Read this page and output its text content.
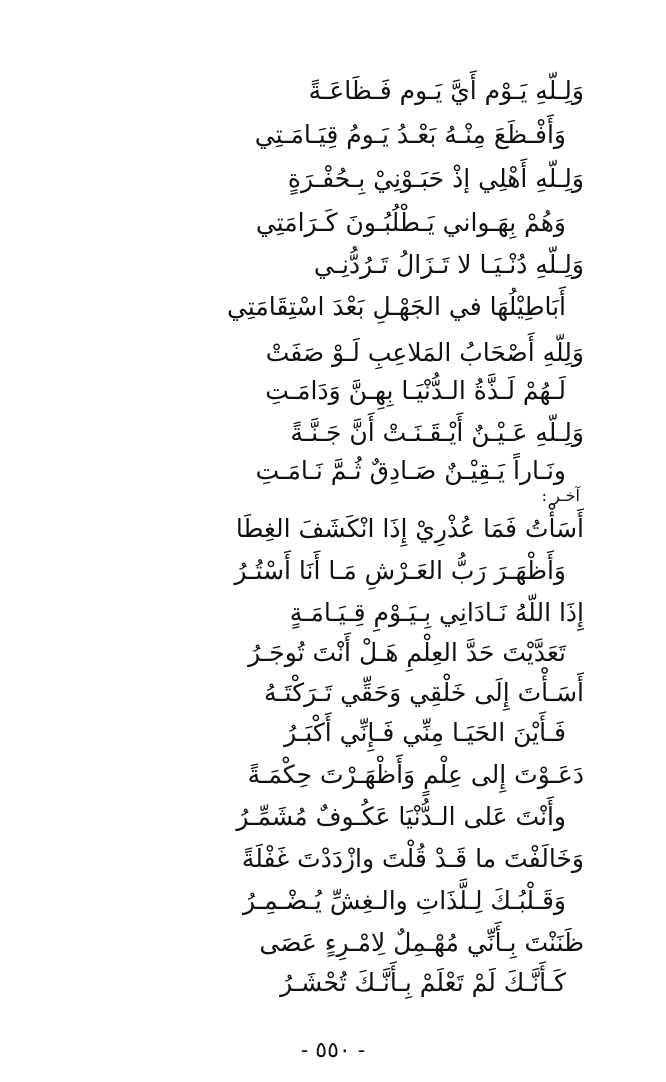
وَلِـلّهِ يَـوْم أَيَّ يَـوم فَـظَاعَـةً
وَأَفْـظَعَ مِنْـهُ بَعْـدُ يَـومُ قِيَـامَـتِي
وَلِـلّهِ أَهْلِي إذْ حَبَـوْنِيْ بِـحُفْـرَةٍ
وَهُمْ بِهَـواني يَـطْلُبُـونَ كَـرَامَتِي
وَلِـلّهِ دُنْـيَـا لا تَـزَالُ تَـرُدُّنِـي
أَبَاطِيْلُهَا في الجَهْـلِ بَعْدَ اسْتِقَامَتِي
وَلِلّهِ أَصْحَابُ المَلاعِبِ لَـوْ صَفَتْ
لَـهُمْ لَـذَّةُ الـدُّنْيَـا بِهِـنَّ وَدَامَـتِ
وَلِـلّهِ عَـيْـنٌ أَيْـقَـنَـتْ أَنَّ جَـنَّـةً
ونَـاراً يَـقِيْـنٌ صَـادِقٌ ثُـمَّ نَـامَـتِ
آخـر :
أَسَأْتُ فَمَا عُذْرِيْ إِذَا انْكَشَفَ الغِطَا
وَأَظْهَـرَ رَبُّ العَـرْشِ مَـا أَنَا أَسْتُـرُ
إِذَا اللّهُ نَـادَانِي بِـيَـوْمِ قِـيَـامَـةٍ
تَعَدَّيْتَ حَدَّ العِلْمِ هَـلْ أَنْتَ تُوجَـرُ
أَسَـأْتَ إِلَى خَلْقِي وَحَقِّي تَـرَكْتَـهُ
فَـأَيْنَ الحَيَـا مِنِّي فَـإِنِّي أَكْبَـرُ
دَعَـوْتَ إِلى عِلْمٍ وَأَظْهَـرْتَ حِكْمَـةً
وأَنْتَ عَلى الـدُّنْيَا عَكُـوفٌ مُشَمِّـرُ
وَخَالَفْتَ ما قَـدْ قُلْتَ وازْدَدْتَ غَفْلَةً
وَقَـلْبُـكَ لِـلَّذَاتِ والـغِشِّ يُـضْـمِـرُ
ظَنَنْتَ بِـأَنِّي مُهْـمِلٌ لِامْـرِءٍ عَصَى
كَـأَنَّـكَ لَمْ تَعْلَمْ بِـأَنَّـكَ تُحْشَـرُ
- ٥٥٠ -
